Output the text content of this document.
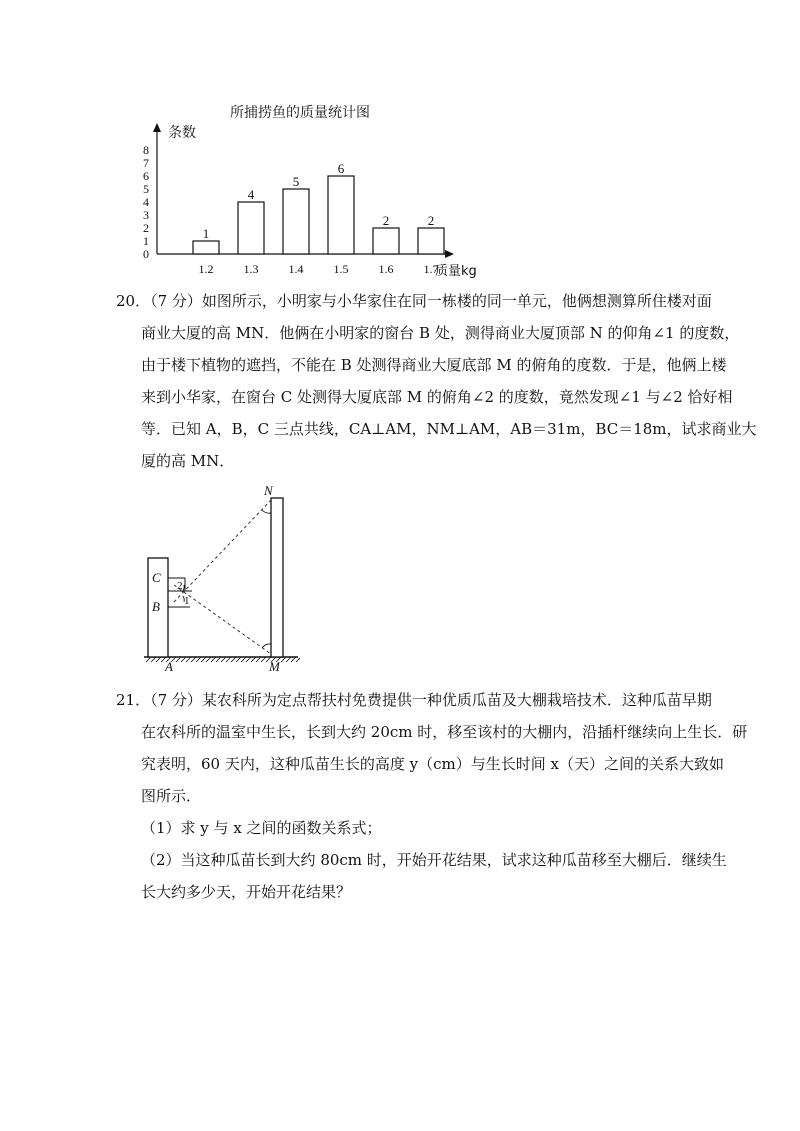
所捕捞鱼的质量统计图
条数
质量kg
0
1
2
3
4
5
6
7
8
1
1.2
4
1.3
5
1.4
6
1.5
2
1.6
2
1.7
20．（7 分）如图所示，小明家与小华家住在同一栋楼的同一单元，他俩想测算所住楼对面
商业大厦的高 MN．他俩在小明家的窗台 B 处，测得商业大厦顶部 N 的仰角∠1 的度数，
由于楼下植物的遮挡，不能在 B 处测得商业大厦底部 M 的俯角的度数．于是，他俩上楼
来到小华家，在窗台 C 处测得大厦底部 M 的俯角∠2 的度数，竟然发现∠1 与∠2 恰好相
等．已知 A，B，C 三点共线，CA⊥AM，NM⊥AM，AB＝31m，BC＝18m，试求商业大
厦的高 MN．
N
C
B
2
1
A	M
21．（7 分）某农科所为定点帮扶村免费提供一种优质瓜苗及大棚栽培技术．这种瓜苗早期
在农科所的温室中生长，长到大约 20cm 时，移至该村的大棚内，沿插杆继续向上生长．研
究表明，60 天内，这种瓜苗生长的高度 y（cm）与生长时间 x（天）之间的关系大致如
图所示．
（1）求 y 与 x 之间的函数关系式；
（2）当这种瓜苗长到大约 80cm 时，开始开花结果，试求这种瓜苗移至大棚后．继续生
长大约多少天，开始开花结果？
